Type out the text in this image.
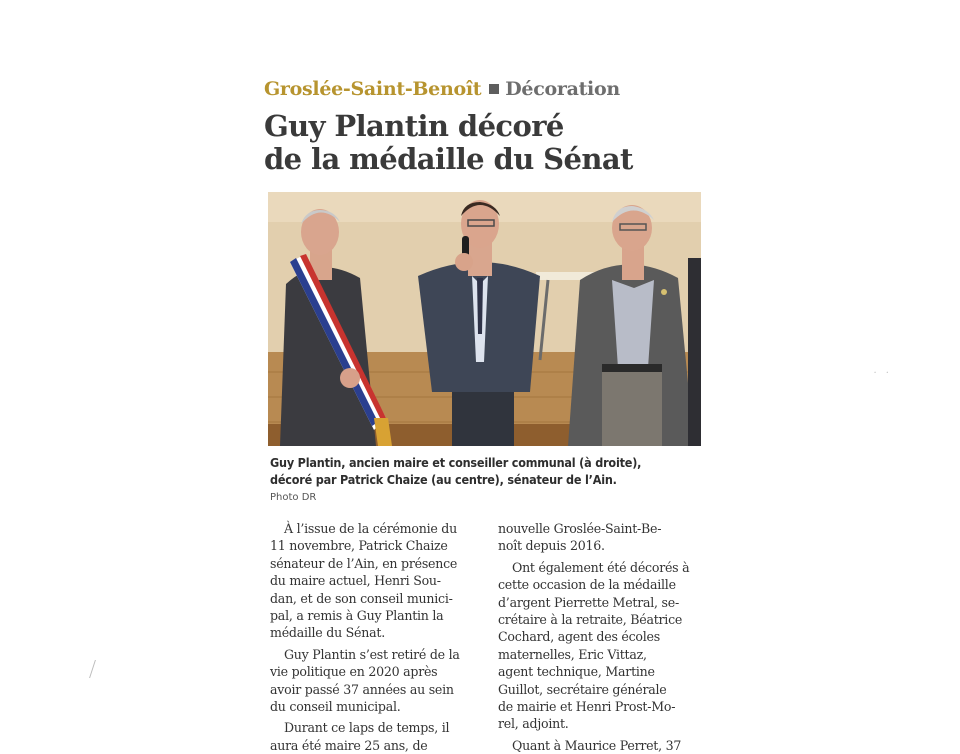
Groslée-Saint-Benoît Décoration
Guy Plantin décoré
de la médaille du Sénat
Guy Plantin, ancien maire et conseiller communal (à droite),
décoré par Patrick Chaize (au centre), sénateur de l’Ain.
Photo DR
À l’issue de la cérémonie du
11 novembre, Patrick Chaize
sénateur de l’Ain, en présence
du maire actuel, Henri Sou-
dan, et de son conseil munici-
pal, a remis à Guy Plantin la
médaille du Sénat.
Guy Plantin s’est retiré de la
vie politique en 2020 après
avoir passé 37 années au sein
du conseil municipal.
Durant ce laps de temps, il
aura été maire 25 ans, de
nouvelle Groslée-Saint-Be-
noît depuis 2016.
Ont également été décorés à
cette occasion de la médaille
d’argent Pierrette Metral, se-
crétaire à la retraite, Béatrice
Cochard, agent des écoles
maternelles, Eric Vittaz,
agent technique, Martine
Guillot, secrétaire générale
de mairie et Henri Prost-Mo-
rel, adjoint.
Quant à Maurice Perret, 37
· ·
